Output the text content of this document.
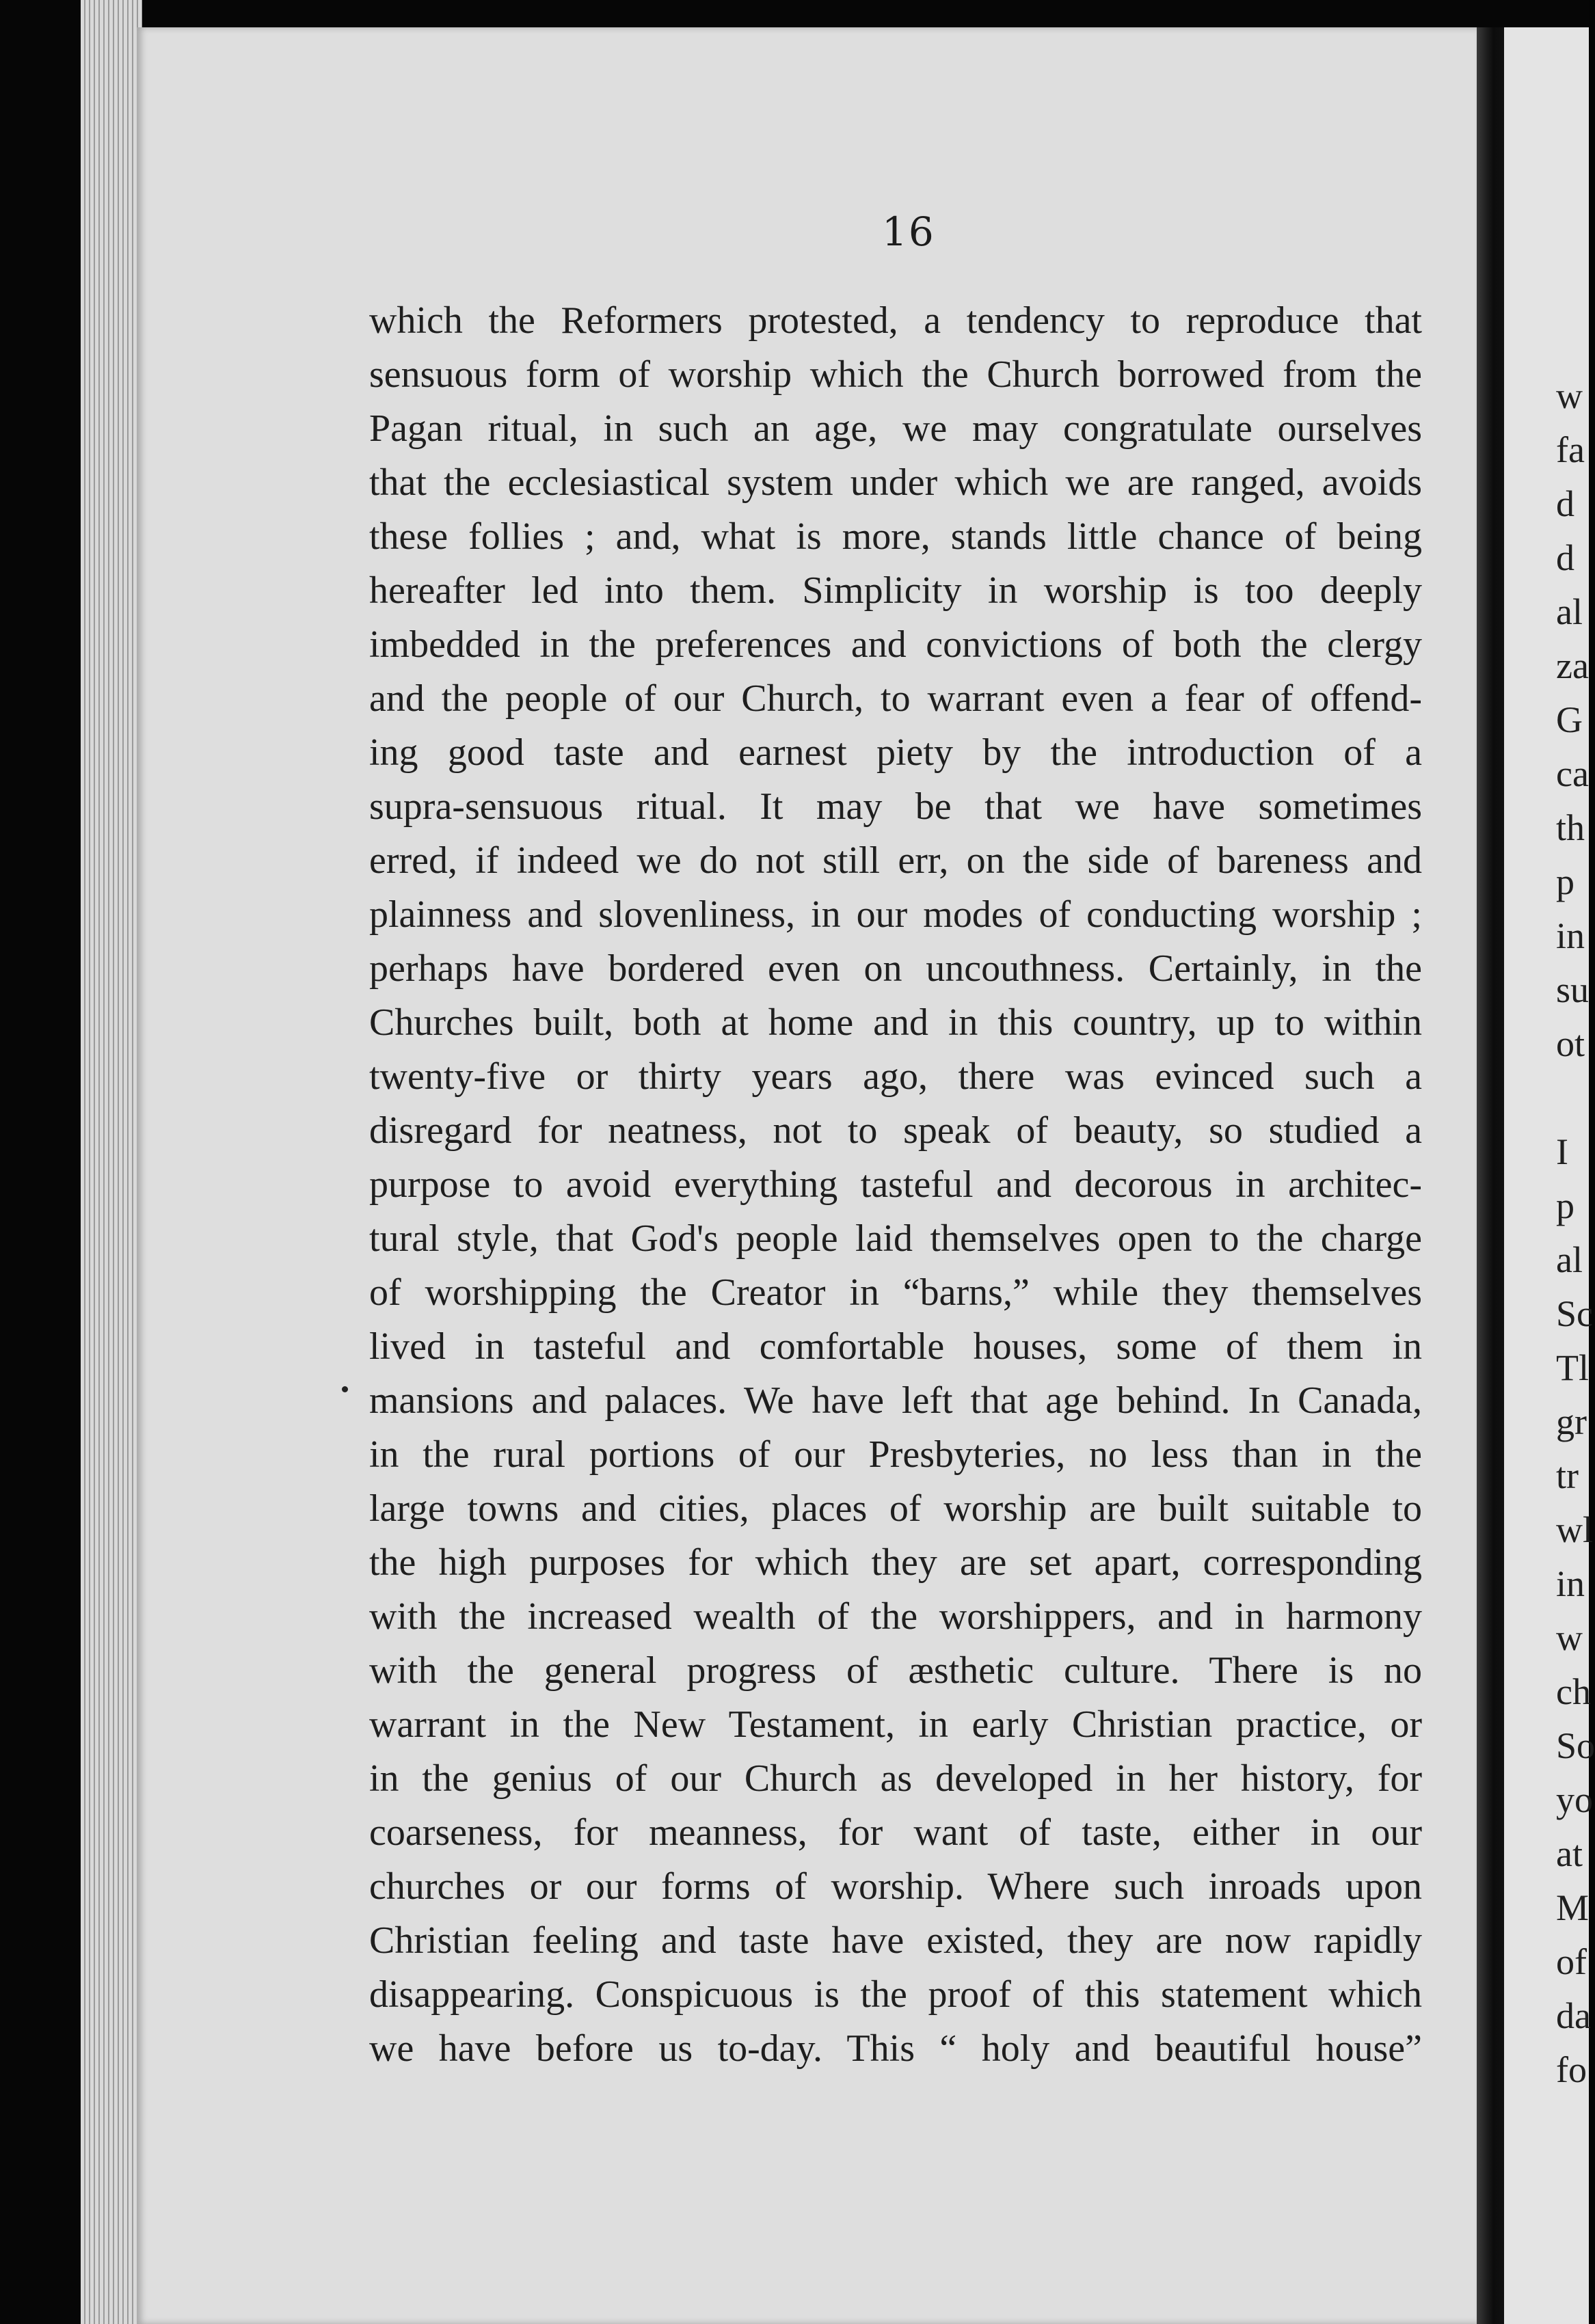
16
which the Reformers protested, a tendency to reproduce that
sensuous form of worship which the Church borrowed from the
Pagan ritual, in such an age, we may congratulate ourselves
that the ecclesiastical system under which we are ranged, avoids
these follies ; and, what is more, stands little chance of being
hereafter led into them. Simplicity in worship is too deeply
imbedded in the preferences and convictions of both the clergy
and the people of our Church, to warrant even a fear of offend-
ing good taste and earnest piety by the introduction of a
supra-sensuous ritual. It may be that we have sometimes
erred, if indeed we do not still err, on the side of bareness and
plainness and slovenliness, in our modes of conducting worship ;
perhaps have bordered even on uncouthness. Certainly, in the
Churches built, both at home and in this country, up to within
twenty-five or thirty years ago, there was evinced such a
disregard for neatness, not to speak of beauty, so studied a
purpose to avoid everything tasteful and decorous in architec-
tural style, that God's people laid themselves open to the charge
of worshipping the Creator in “barns,” while they themselves
lived in tasteful and comfortable houses, some of them in
mansions and palaces. We have left that age behind. In Canada,
in the rural portions of our Presbyteries, no less than in the
large towns and cities, places of worship are built suitable to
the high purposes for which they are set apart, corresponding
with the increased wealth of the worshippers, and in harmony
with the general progress of æsthetic culture. There is no
warrant in the New Testament, in early Christian practice, or
in the genius of our Church as developed in her history, for
coarseness, for meanness, for want of taste, either in our
churches or our forms of worship. Where such inroads upon
Christian feeling and taste have existed, they are now rapidly
disappearing. Conspicuous is the proof of this statement which
we have before us to-day. This “ holy and beautiful house”
w
fa
d
d
al
za
G
ca
th
p
in
su
ot
I
p
al
Sc
Tl
gr
tr
wl
in
w
ch
So
yo
at
M
of
da
fo
